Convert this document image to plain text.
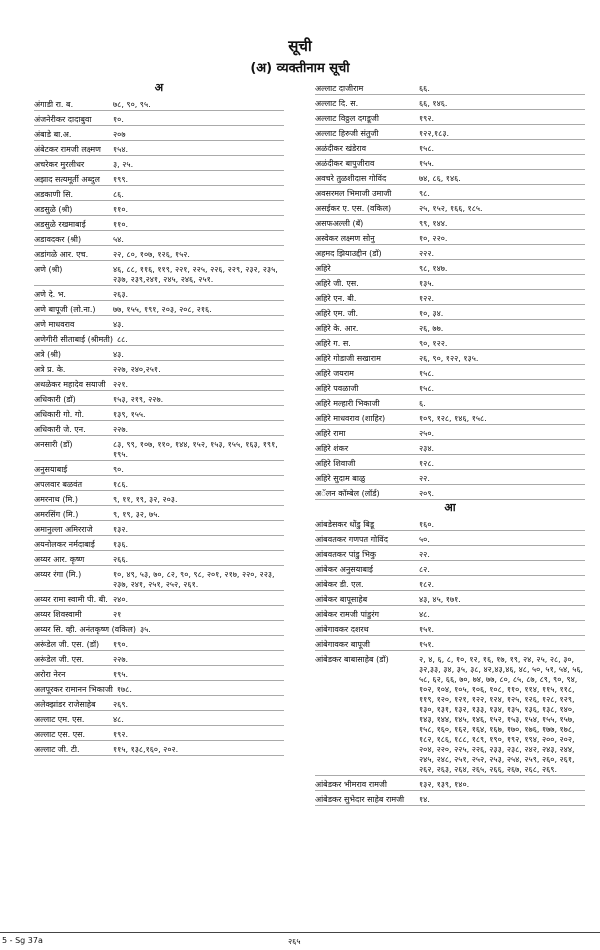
सूची
(अ) व्यक्तीनाम सूची
अ
अंगाडी रा. ब.	७८, ९०, ९५.
अंजनेरीकर दादाबुवा	१०.
अंबाडे बा.अ.	२०७
अंबेटकर रामजी लक्ष्मण	१५४.
अचरेकर मुरलीधर	३, २५.
अझाद सत्यमूर्ती अब्दुल	१९९.
अडकाणी सि.	८६.
अडसुळे (श्री)	११०.
अडसुळे रखमाबाई	११०.
अडावदकर (श्री)	५४.
अडांगळे आर. एच.	२२, ८०, १०७, १२६, १५२.
अणे (श्री)	४६, ८८, ११६, ११९, २२१, २२५, २२६, २२९, २३२, २३५, २३७, २३९,२४१, २४५, २४६, २५१.
अणे दे. भ.	२६३.
अणे बापूजी (लो.ना.)	७७, १५५, १९१, २०३, २०८, २१६.
अणे माधवराव	४३.
अणेगीरी सीताबाई (श्रीमती) ८८.
अत्रे (श्री)	४३.
अत्रे प्र. के.	२२७, २४०,२५१.
अथळेकर महादेव सयाजी २२१.
अधिकारी (डॉ)	१५३, २१९, २२७.
अधिकारी गो. गो.	१३९, १५५.
अधिकारी जे. एन.	२२७.
अनसारी (डॉ)	८३, ९९, १०७, ११०, १४४, १५२, १५३, १५५, १६३, १९१, १९५.
अनुसयाबाई	९०.
अपलवार बळवंत	१८६.
अमरनाथ (मि.)	९, ११, १९, ३२, २०३.
अमरसिंग (मि.)	९, १९, ३२, ७५.
अमानुल्ला अमिरराजे	१३२.
अयनोलकर नर्मदाबाई	१३६.
अय्यर आर. कृष्ण	२६६.
अय्यर रंगा (मि.)	१०, ४९, ५३, ७०, ८२, ९०, ९८, २०१, २१७, २२०, २२३, २३७, २४१, २५१, २५२, २६१.
अय्यर रामा स्वामी पी. बी. २४०.
अय्यर शिवस्वामी	२१
अय्यर सि. व्ही. अनंतकृष्ण (वकिल) ३५.
अरूंडेल जी. एस. (डॉ)	१९०.
अरूंडेल जी. एस.	२२७.
अरोरा नेरन	१९५.
अलपूरकर रामानन भिकाजी १७८.
अलेक्झांडर राजेसाहेब	२६९.
अल्लाट एम. एस.	४८.
अल्लाट एस. एस.	१९२.
अल्लाट जी. टी.	११५, १३८,१६०, २०२.
अल्लाट दाजीराम	६६.
अल्लाट दि. स.	६६, १४६.
अल्लाट विठ्ठल दगडूजी	१९२.
अल्लाट हिरुजी संतुजी	१२२,१८३.
अळंदीकर खंडेराव	१५८.
अळंदीकर बापुजीराव	१५५.
अवचरे तुळशीदास गोविंद	७४, ८६, १४६.
अवसरमल भिमाजी उमाजी	९८.
असईकर ए. एस. (वकिल)	२५, १५२, १६६, १८५.
असफअल्ली (बॅ)	९९, १४४.
अस्वेकर लक्ष्मण सोनु	१०, २२०.
अहमद झियाउद्दीन (डॉ)	२२२.
अहिरे	९८, १४७.
अहिरे जी. एस.	१३५.
अहिरे एन. बी.	१२२.
अहिरे एम. जी.	१०, ३४.
अहिरे के. आर.	२६, ७७.
अहिरे ग. स.	९०, १२२.
अहिरे गोडाजी सखाराम	२६, ९०, १२२, १३५.
अहिरे जयराम	१५८.
अहिरे पवळाजी	१५८.
अहिरे मल्हारी भिकाजी	६.
अहिरे माधवराव (शाहिर)	१०९, १२८, १४६, १५८.
अहिरे रामा	२५०.
अहिरे शंकर	२३४.
अहिरे शिवाजी	१२८.
अहिरे सुदाम बाळु	२२.
अॅलन कॉम्बेल (लॉर्ड)	२०९.
आ
आंबडेसकर धोंडु बिडू	१६०.
आंबवतकर गणपत गोविंद	५०.
आंबवतकर पांडु भिकु	२२.
आंबेकर अनुसयाबाई	८२.
आंबेकर डी. एल.	१८२.
आंबेकर बापूसाहेब	४३, ४५, १७१.
आंबेकर रामजी पांडुरंग	४८.
आंबेगावकर दशरथ	१५१.
आंबेगावकर बापूजी	१५१.
आंबेडकर बाबासाहेब (डॉ)	२, ४, ६, ८, १०, १२, १६, १७, १९, २४, २५, २८, ३०, ३२,३३, ३४, ३५, ३८, ४२,४३,४६, ४८, ५०, ५१, ५४, ५६, ५८, ६२, ६६, ७०, ७४, ७७, ८०, ८५, ८७, ८९, ९०, ९४, १०२, १०४, १०५, १०६, १०८, ११०, ११४, ११५, ११८, ११९, १२०, १२१, १२२, १२४, १२५, १२६, १२८, १२९, १३०, १३१, १३२, १३३, १३४, १३५, १३६, १३८, १४०, १४३, १४४, १४५, १४६, १५२, १५३, १५४, १५५, १५७, १५८, १६०, १६२, १६४, १६७, १७०, १७६, १७७, १७८, १८२, १८६, १८८, १८९, १९०, १९२, १९४, २००, २०२, २०४, २२०, २२५, २२६, २३३, २३८, २४२, २४३, २४४, २४५, २४८, २५१, २५२, २५३, २५४, २५९, २६०, २६१, २६२, २६३, २६४, २६५, २६६, २६७, २६८, २६९.
आंबेडकर भीमराव रामजी	१३२, १३९, १४०.
आंबेडकर सुभेदार साहेब रामजी	१४.
5 - Sg 37a	२६५
